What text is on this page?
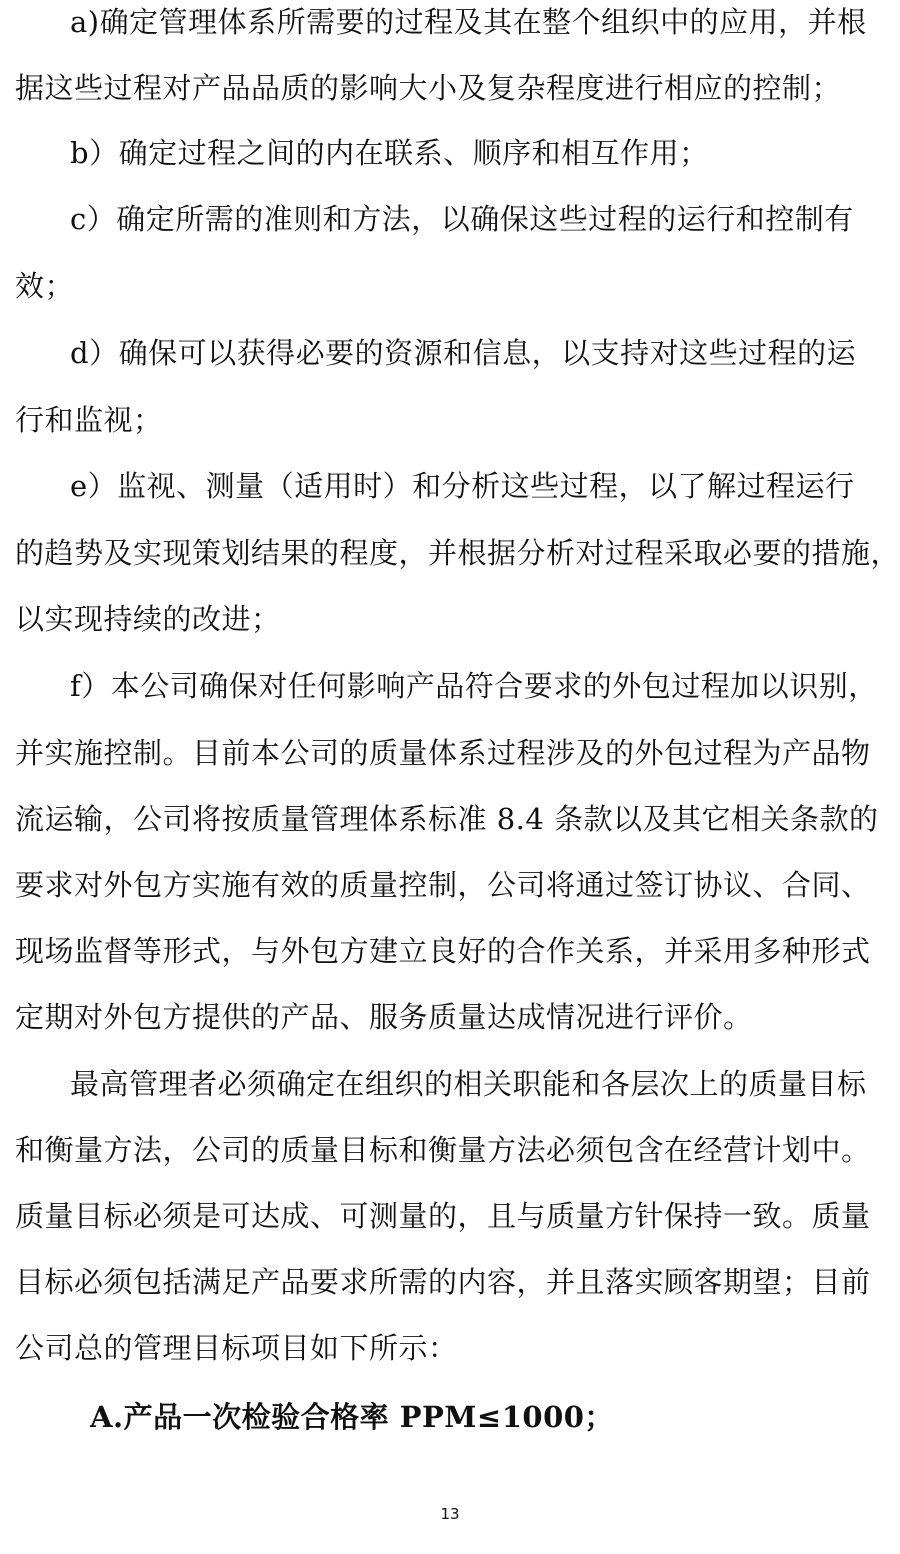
a)确定管理体系所需要的过程及其在整个组织中的应用，并根
据这些过程对产品品质的影响大小及复杂程度进行相应的控制；
b）确定过程之间的内在联系、顺序和相互作用；
c）确定所需的准则和方法，以确保这些过程的运行和控制有
效；
d）确保可以获得必要的资源和信息，以支持对这些过程的运
行和监视；
e）监视、测量（适用时）和分析这些过程，以了解过程运行
的趋势及实现策划结果的程度，并根据分析对过程采取必要的措施，
以实现持续的改进；
f）本公司确保对任何影响产品符合要求的外包过程加以识别，
并实施控制。目前本公司的质量体系过程涉及的外包过程为产品物
流运输，公司将按质量管理体系标准 8.4 条款以及其它相关条款的
要求对外包方实施有效的质量控制，公司将通过签订协议、合同、
现场监督等形式，与外包方建立良好的合作关系，并采用多种形式
定期对外包方提供的产品、服务质量达成情况进行评价。
最高管理者必须确定在组织的相关职能和各层次上的质量目标
和衡量方法，公司的质量目标和衡量方法必须包含在经营计划中。
质量目标必须是可达成、可测量的，且与质量方针保持一致。质量
目标必须包括满足产品要求所需的内容，并且落实顾客期望；目前
公司总的管理目标项目如下所示：
A.产品一次检验合格率 PPM≤1000；
13
